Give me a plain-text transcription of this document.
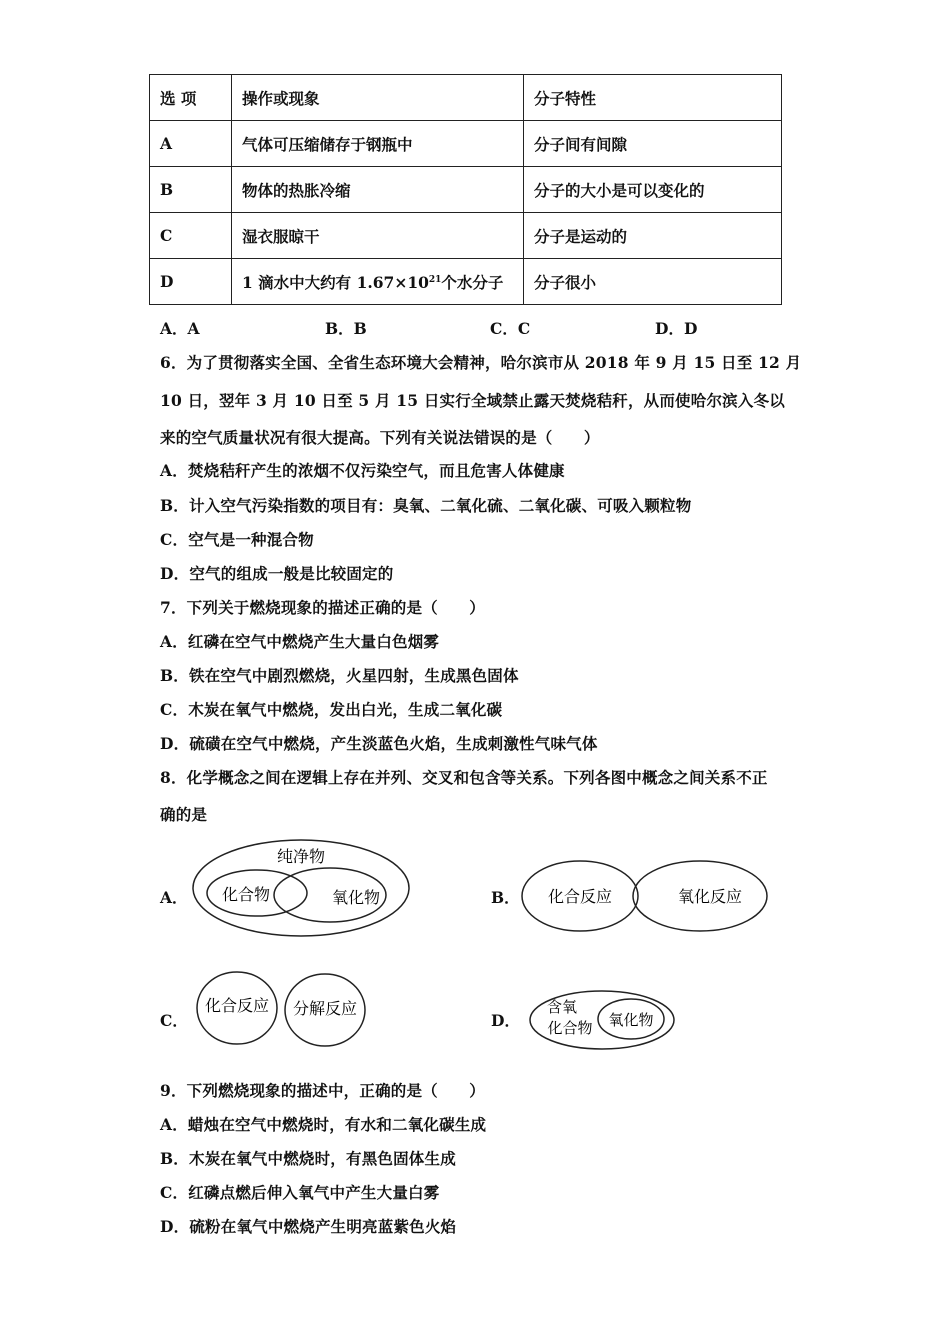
选 项	操作或现象	分子特性
A	气体可压缩储存于钢瓶中	分子间有间隙
B	物体的热胀冷缩	分子的大小是可以变化的
C	湿衣服晾干	分子是运动的
D	1 滴水中大约有 $1.67\times 10^{21}$个水分子	分子很小
A．A	B．B	C．C	D．D
6．为了贯彻落实全国、全省生态环境大会精神，哈尔滨市从 2018 年 9 月 15 日至 12 月
10 日，翌年 3 月 10 日至 5 月 15 日实行全域禁止露天焚烧秸秆，从而使哈尔滨入冬以
来的空气质量状况有很大提高。下列有关说法错误的是（　　）
A．焚烧秸秆产生的浓烟不仅污染空气，而且危害人体健康
B．计入空气污染指数的项目有：臭氧、二氧化硫、二氧化碳、可吸入颗粒物
C．空气是一种混合物
D．空气的组成一般是比较固定的
7．下列关于燃烧现象的描述正确的是（　　）
A．红磷在空气中燃烧产生大量白色烟雾
B．铁在空气中剧烈燃烧，火星四射，生成黑色固体
C．木炭在氧气中燃烧，发出白光，生成二氧化碳
D．硫磺在空气中燃烧，产生淡蓝色火焰，生成刺激性气味气体
8．化学概念之间在逻辑上存在并列、交叉和包含等关系。下列各图中概念之间关系不正
确的是
A．
纯净物
化合物	氧化物	B． 化合反应	氧化反应
C．
化合反应 分解反应
D．
含氧
化合物 氧化物
9．下列燃烧现象的描述中，正确的是（　　）
A．蜡烛在空气中燃烧时，有水和二氧化碳生成
B．木炭在氧气中燃烧时，有黑色固体生成
C．红磷点燃后伸入氧气中产生大量白雾
D．硫粉在氧气中燃烧产生明亮蓝紫色火焰
